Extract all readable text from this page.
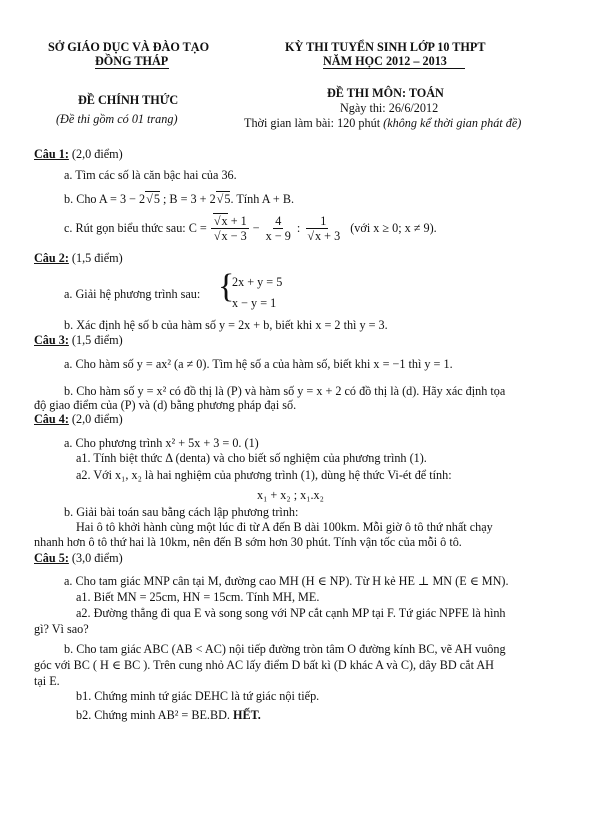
SỞ GIÁO DỤC VÀ ĐÀO TẠO
ĐỒNG THÁP
KỲ THI TUYỂN SINH LỚP 10 THPT
NĂM HỌC 2012 – 2013
ĐỀ CHÍNH THỨC
(Đề thi gồm có 01 trang)
ĐỀ THI MÔN: TOÁN
Ngày thi: 26/6/2012
Thời gian làm bài: 120 phút (không kể thời gian phát đề)
Câu 1: (2,0 điểm)
a. Tìm các số là căn bậc hai của 36.
b. Cho A = 3 − 2 √ 5 ; B = 3 + 2 √ 5. Tính A + B.
c. Rút gọn biểu thức sau: C = √ x + 1
√ $x - 3 - \frac{4}{x - 9}$ : 1
√ x + 3 (với x ≥ 0; x ≠ 9).
Câu 2: (1,5 điểm)
a. Giải hệ phương trình sau: {
2x + y = 5
x − y = 1
b. Xác định hệ số b của hàm số y = 2x + b, biết khi x = 2 thì y = 3.
Câu 3: (1,5 điểm)
a. Cho hàm số y = ax² (a ≠ 0). Tìm hệ số a của hàm số, biết khi x = −1 thì y = 1.
b. Cho hàm số y = x² có đồ thị là (P) và hàm số y = x + 2 có đồ thị là (d). Hãy xác định tọa
độ giao điểm của (P) và (d) bằng phương pháp đại số.
Câu 4: (2,0 điểm)
a. Cho phương trình x² + 5x + 3 = 0. (1)
a1. Tính biệt thức Δ (denta) và cho biết số nghiệm của phương trình (1).
a2. Với x₁, x₂ là hai nghiệm của phương trình (1), dùng hệ thức Vi-ét để tính:
x₁ + x₂ ; x₁.x₂
b. Giải bài toán sau bằng cách lập phương trình:
Hai ô tô khởi hành cùng một lúc đi từ A đến B dài 100km. Mỗi giờ ô tô thứ nhất chạy
nhanh hơn ô tô thứ hai là 10km, nên đến B sớm hơn 30 phút. Tính vận tốc của mỗi ô tô.
Câu 5: (3,0 điểm)
a. Cho tam giác MNP cân tại M, đường cao MH (H ∈ NP). Từ H kẻ HE ⊥ MN (E ∈ MN).
a1. Biết MN = 25cm, HN = 15cm. Tính MH, ME.
a2. Đường thẳng đi qua E và song song với NP cắt cạnh MP tại F. Tứ giác NPFE là hình
gì? Vì sao?
b. Cho tam giác ABC (AB < AC) nội tiếp đường tròn tâm O đường kính BC, vẽ AH vuông
góc với BC ( H ∈ BC ). Trên cung nhỏ AC lấy điểm D bất kì (D khác A và C), dây BD cắt AH
tại E.
b1. Chứng minh tứ giác DEHC là tứ giác nội tiếp.
b2. Chứng minh AB² = BE.BD. HẾT.
